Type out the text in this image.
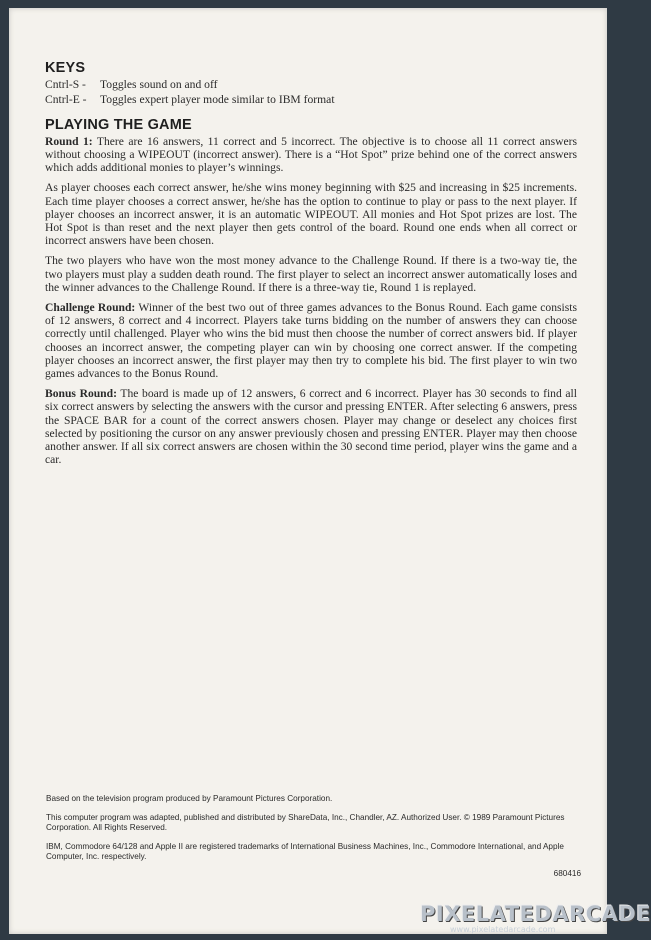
KEYS
Cntrl-S -	Toggles sound on and off
Cntrl-E -	Toggles expert player mode similar to IBM format
PLAYING THE GAME

Round 1: There are 16 answers, 11 correct and 5 incorrect. The objective is to choose all 11 correct answers without choosing a WIPEOUT (incorrect answer). There is a “Hot Spot” prize behind one of the correct answers which adds additional monies to player’s winnings.

As player chooses each correct answer, he/she wins money beginning with $25 and increasing in $25 increments. Each time player chooses a correct answer, he/she has the option to continue to play or pass to the next player. If player chooses an incorrect answer, it is an automatic WIPEOUT. All monies and Hot Spot prizes are lost. The Hot Spot is than reset and the next player then gets control of the board. Round one ends when all correct or incorrect answers have been chosen.

The two players who have won the most money advance to the Challenge Round. If there is a two-way tie, the two players must play a sudden death round. The first player to select an incorrect answer automatically loses and the winner advances to the Challenge Round. If there is a three-way tie, Round 1 is replayed.

Challenge Round: Winner of the best two out of three games advances to the Bonus Round. Each game consists of 12 answers, 8 correct and 4 incorrect. Players take turns bidding on the number of answers they can choose correctly until challenged. Player who wins the bid must then choose the number of correct answers bid. If player chooses an incorrect answer, the competing player can win by choosing one correct answer. If the competing player chooses an incorrect answer, the first player may then try to complete his bid. The first player to win two games advances to the Bonus Round.

Bonus Round: The board is made up of 12 answers, 6 correct and 6 incorrect. Player has 30 seconds to find all six correct answers by selecting the answers with the cursor and pressing ENTER. After selecting 6 answers, press the SPACE BAR for a count of the correct answers chosen. Player may change or deselect any choices first selected by positioning the cursor on any answer previously chosen and pressing ENTER. Player may then choose another answer. If all six correct answers are chosen within the 30 second time period, player wins the game and a car.

Based on the television program produced by Paramount Pictures Corporation.

This computer program was adapted, published and distributed by ShareData, Inc., Chandler, AZ. Authorized User. © 1989 Paramount Pictures Corporation. All Rights Reserved.

IBM, Commodore 64/128 and Apple II are registered trademarks of International Business Machines, Inc., Commodore International, and Apple Computer, Inc. respectively.

680416
PIXELATEDARCADE
www.pixelatedarcade.com
